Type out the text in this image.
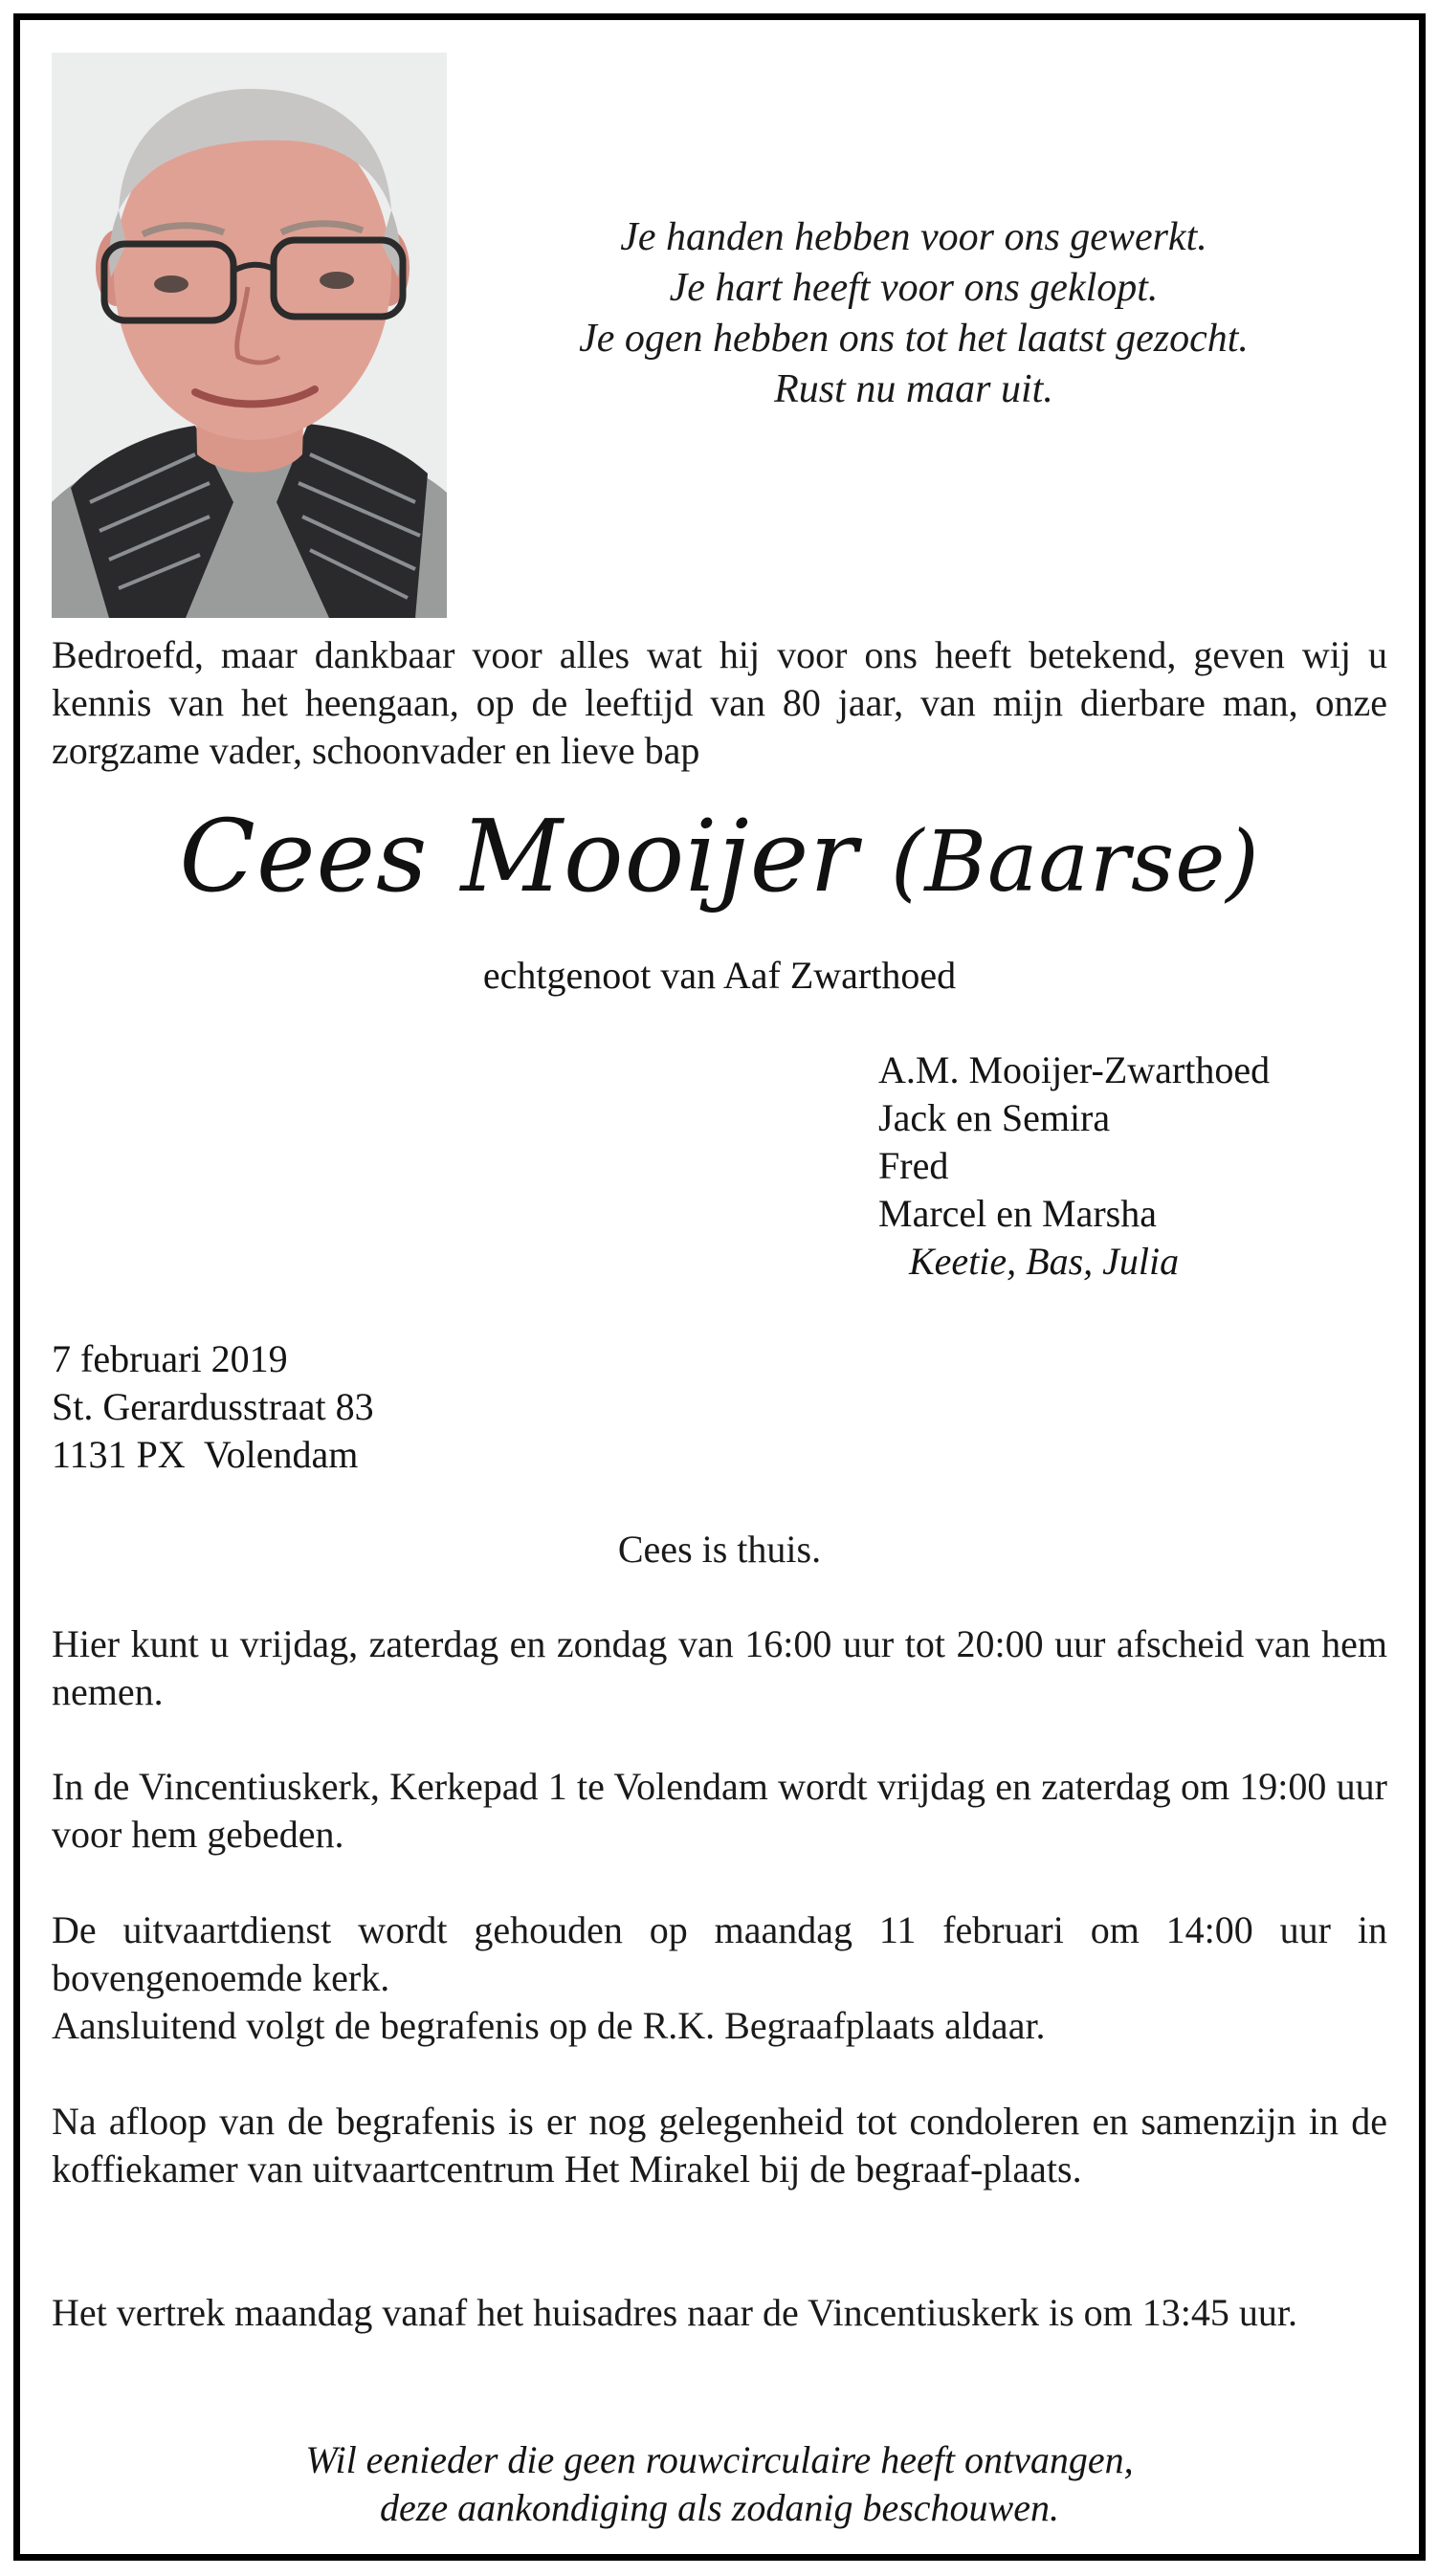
Je handen hebben voor ons gewerkt.
Je hart heeft voor ons geklopt.
Je ogen hebben ons tot het laatst gezocht.
Rust nu maar uit.
Bedroefd, maar dankbaar voor alles wat hij voor ons heeft betekend, geven wij u kennis van het heengaan, op de leeftijd van 80 jaar, van mijn dierbare man, onze zorgzame vader, schoonvader en lieve bap
Cees Mooijer (Baarse)
echtgenoot van Aaf Zwarthoed
A.M. Mooijer-Zwarthoed
Jack en Semira
Fred
Marcel en Marsha
Keetie, Bas, Julia
7 februari 2019
St. Gerardusstraat 83
1131 PX  Volendam
Cees is thuis.
Hier kunt u vrijdag, zaterdag en zondag van 16:00 uur tot 20:00 uur afscheid van hem nemen.
In de Vincentiuskerk, Kerkepad 1 te Volendam wordt vrijdag en zaterdag om 19:00 uur voor hem gebeden.
De uitvaartdienst wordt gehouden op maandag 11 februari om 14:00 uur in bovengenoemde kerk.
Aansluitend volgt de begrafenis op de R.K. Begraafplaats aldaar.
Na afloop van de begrafenis is er nog gelegenheid tot condoleren en samenzijn in de koffiekamer van uitvaartcentrum Het Mirakel bij de begraaf-plaats.
Het vertrek maandag vanaf het huisadres naar de Vincentiuskerk is om 13:45 uur.
Wil eenieder die geen rouwcirculaire heeft ontvangen,
deze aankondiging als zodanig beschouwen.
